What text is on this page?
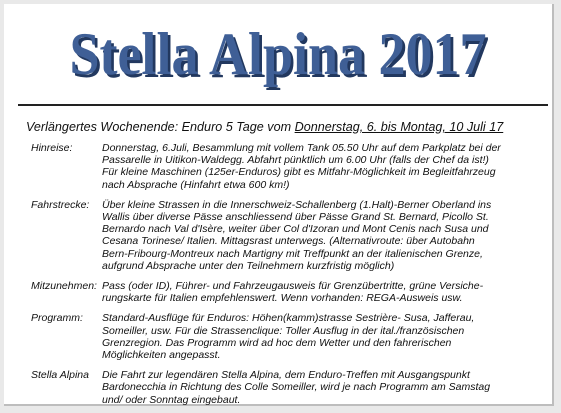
Stella Alpina 2017
Verlängertes Wochenende: Enduro 5 Tage vom Donnerstag, 6. bis Montag, 10 Juli 17
Hinreise:	Donnerstag, 6.Juli, Besammlung mit vollem Tank 05.50 Uhr auf dem Parkplatz bei der
Passarelle in Uitikon-Waldegg. Abfahrt pünktlich um 6.00 Uhr (falls der Chef da ist!)
Für kleine Maschinen (125er-Enduros) gibt es Mitfahr-Möglichkeit im Begleitfahrzeug
nach Absprache (Hinfahrt etwa 600 km!)
Fahrstrecke:	Über kleine Strassen in die Innerschweiz-Schallenberg (1.Halt)-Berner Oberland ins
Wallis über diverse Pässe anschliessend über Pässe Grand St. Bernard, Picollo St.
Bernardo nach Val d'Isère, weiter über Col d'Izoran und Mont Cenis nach Susa und
Cesana Torinese/ Italien. Mittagsrast unterwegs. (Alternativroute: über Autobahn
Bern-Fribourg-Montreux nach Martigny mit Treffpunkt an der italienischen Grenze,
aufgrund Absprache unter den Teilnehmern kurzfristig möglich)
Mitzunehmen: Pass (oder ID), Führer- und Fahrzeugausweis für Grenzübertritte, grüne Versiche-
rungskarte für Italien empfehlenswert. Wenn vorhanden: REGA-Ausweis usw.
Programm:	Standard-Ausflüge für Enduros: Höhen(kamm)strasse Sestrière- Susa, Jafferau,
Someiller, usw. Für die Strassenclique: Toller Ausflug in der ital./französischen
Grenzregion. Das Programm wird ad hoc dem Wetter und den fahrerischen
Möglichkeiten angepasst.
Stella Alpina	Die Fahrt zur legendären Stella Alpina, dem Enduro-Treffen mit Ausgangspunkt
Bardonecchia in Richtung des Colle Someiller, wird je nach Programm am Samstag
und/ oder Sonntag eingebaut.
